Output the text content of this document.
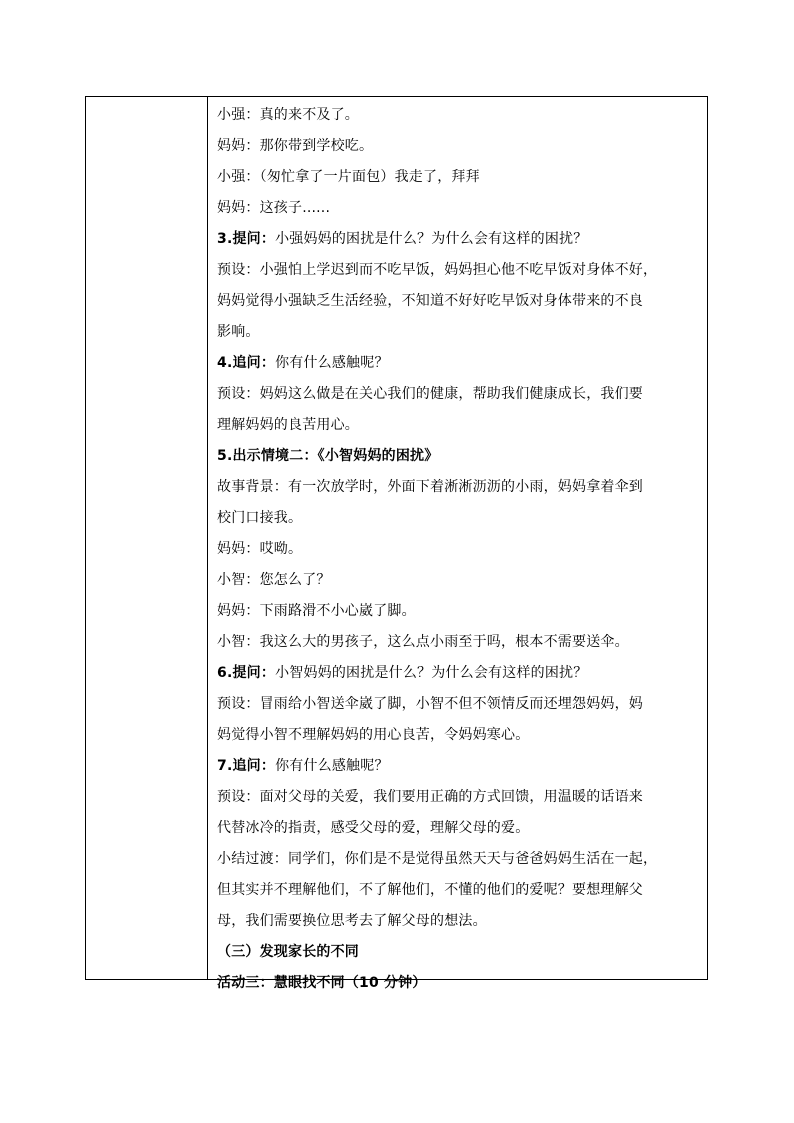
小强：真的来不及了。
妈妈：那你带到学校吃。
小强：（匆忙拿了一片面包）我走了，拜拜
妈妈：这孩子......
3.提问：小强妈妈的困扰是什么？为什么会有这样的困扰？
预设：小强怕上学迟到而不吃早饭，妈妈担心他不吃早饭对身体不好，
妈妈觉得小强缺乏生活经验，不知道不好好吃早饭对身体带来的不良
影响。
4.追问：你有什么感触呢？
预设：妈妈这么做是在关心我们的健康，帮助我们健康成长，我们要
理解妈妈的良苦用心。
5.出示情境二：《小智妈妈的困扰》
故事背景：有一次放学时，外面下着淅淅沥沥的小雨，妈妈拿着伞到
校门口接我。
妈妈：哎呦。
小智：您怎么了？
妈妈：下雨路滑不小心崴了脚。
小智：我这么大的男孩子，这么点小雨至于吗，根本不需要送伞。
6.提问：小智妈妈的困扰是什么？为什么会有这样的困扰？
预设：冒雨给小智送伞崴了脚，小智不但不领情反而还埋怨妈妈，妈
妈觉得小智不理解妈妈的用心良苦，令妈妈寒心。
7.追问：你有什么感触呢？
预设：面对父母的关爱，我们要用正确的方式回馈，用温暖的话语来
代替冰冷的指责，感受父母的爱，理解父母的爱。
小结过渡：同学们，你们是不是觉得虽然天天与爸爸妈妈生活在一起，
但其实并不理解他们，不了解他们，不懂的他们的爱呢？要想理解父
母，我们需要换位思考去了解父母的想法。
（三）发现家长的不同
活动三：慧眼找不同（10 分钟）
